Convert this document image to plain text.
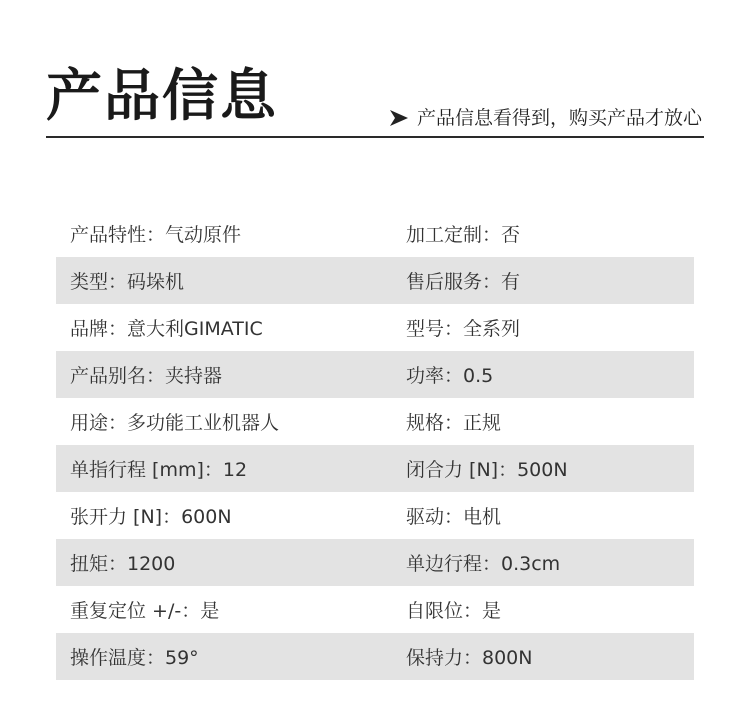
产品信息	产品信息看得到，购买产品才放心
产品特性：气动原件	加工定制：否
类型：码垛机	售后服务：有
品牌：意大利GIMATIC	型号：全系列
产品别名：夹持器	功率：0.5
用途：多功能工业机器人	规格：正规
单指行程 [mm]：12	闭合力 [N]：500N
张开力 [N]：600N	驱动：电机
扭矩：1200	单边行程：0.3cm
重复定位 +/-：是	自限位：是
操作温度：59°	保持力：800N
